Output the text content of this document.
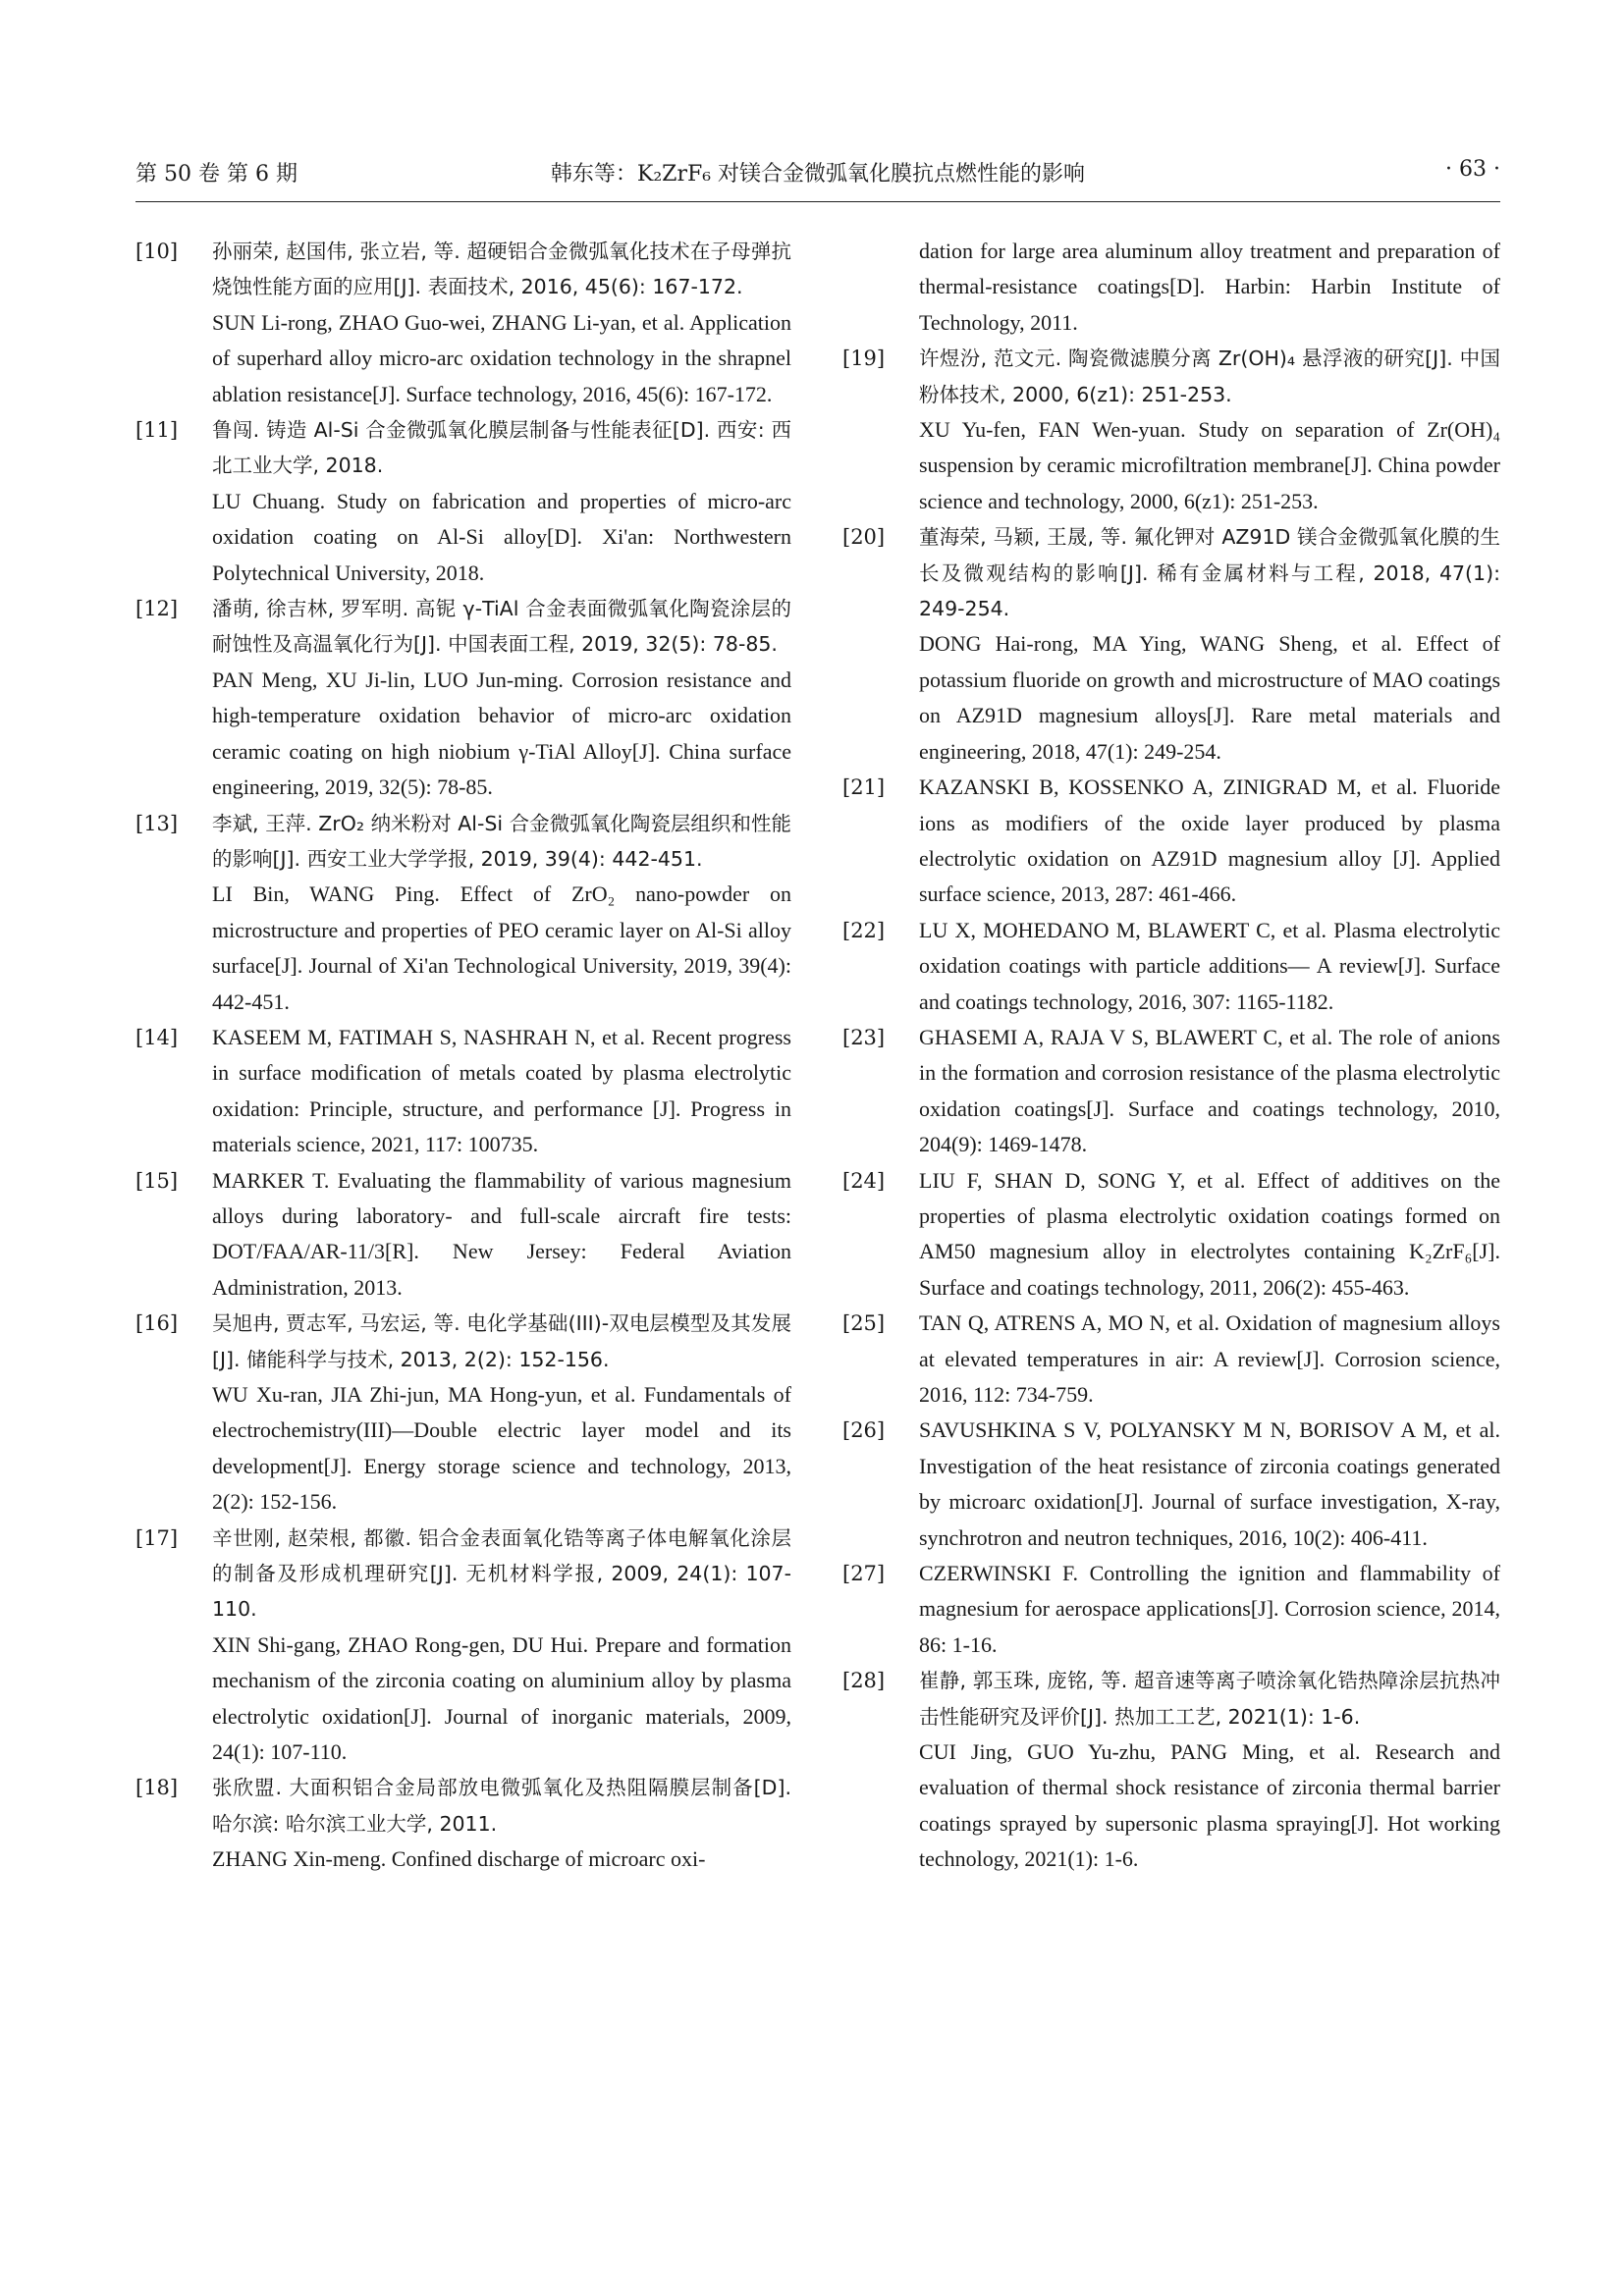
韩东等：K₂ZrF₆ 对镁合金微弧氧化膜抗点燃性能的影响
第 50 卷 第 6 期	· 63 ·
[10] 孙丽荣, 赵国伟, 张立岩, 等. 超硬铝合金微弧氧化技术在子母弹抗烧蚀性能方面的应用[J]. 表面技术, 2016, 45(6): 167-172.
SUN Li-rong, ZHAO Guo-wei, ZHANG Li-yan, et al. Application of superhard alloy micro-arc oxidation technology in the shrapnel ablation resistance[J]. Surface technology, 2016, 45(6): 167-172.
[11] 鲁闯. 铸造 Al-Si 合金微弧氧化膜层制备与性能表征[D]. 西安: 西北工业大学, 2018.
LU Chuang. Study on fabrication and properties of micro-arc oxidation coating on Al-Si alloy[D]. Xi'an: Northwestern Polytechnical University, 2018.
[12] 潘萌, 徐吉林, 罗军明. 高铌 γ-TiAl 合金表面微弧氧化陶瓷涂层的耐蚀性及高温氧化行为[J]. 中国表面工程, 2019, 32(5): 78-85.
PAN Meng, XU Ji-lin, LUO Jun-ming. Corrosion resistance and high-temperature oxidation behavior of micro-arc oxidation ceramic coating on high niobium γ-TiAl Alloy[J]. China surface engineering, 2019, 32(5): 78-85.
[13] 李斌, 王萍. ZrO₂ 纳米粉对 Al-Si 合金微弧氧化陶瓷层组织和性能的影响[J]. 西安工业大学学报, 2019, 39(4): 442-451.
LI Bin, WANG Ping. Effect of ZrO₂ nano-powder on microstructure and properties of PEO ceramic layer on Al-Si alloy surface[J]. Journal of Xi'an Technological University, 2019, 39(4): 442-451.
[14] KASEEM M, FATIMAH S, NASHRAH N, et al. Recent progress in surface modification of metals coated by plasma electrolytic oxidation: Principle, structure, and performance [J]. Progress in materials science, 2021, 117: 100735.
[15] MARKER T. Evaluating the flammability of various magnesium alloys during laboratory- and full-scale aircraft fire tests: DOT/FAA/AR-11/3[R]. New Jersey: Federal Aviation Administration, 2013.
[16] 吴旭冉, 贾志军, 马宏运, 等. 电化学基础(III)-双电层模型及其发展[J]. 储能科学与技术, 2013, 2(2): 152-156.
WU Xu-ran, JIA Zhi-jun, MA Hong-yun, et al. Fundamentals of electrochemistry(III)—Double electric layer model and its development[J]. Energy storage science and technology, 2013, 2(2): 152-156.
[17] 辛世刚, 赵荣根, 都徽. 铝合金表面氧化锆等离子体电解氧化涂层的制备及形成机理研究[J]. 无机材料学报, 2009, 24(1): 107-110.
XIN Shi-gang, ZHAO Rong-gen, DU Hui. Prepare and formation mechanism of the zirconia coating on aluminium alloy by plasma electrolytic oxidation[J]. Journal of inorganic materials, 2009, 24(1): 107-110.
[18] 张欣盟. 大面积铝合金局部放电微弧氧化及热阻隔膜层制备[D]. 哈尔滨: 哈尔滨工业大学, 2011.
ZHANG Xin-meng. Confined discharge of microarc oxi-
dation for large area aluminum alloy treatment and preparation of thermal-resistance coatings[D]. Harbin: Harbin Institute of Technology, 2011.
[19] 许煜汾, 范文元. 陶瓷微滤膜分离 Zr(OH)₄ 悬浮液的研究[J]. 中国粉体技术, 2000, 6(z1): 251-253.
XU Yu-fen, FAN Wen-yuan. Study on separation of Zr(OH)₄ suspension by ceramic microfiltration membrane[J]. China powder science and technology, 2000, 6(z1): 251-253.
[20] 董海荣, 马颖, 王晟, 等. 氟化钾对 AZ91D 镁合金微弧氧化膜的生长及微观结构的影响[J]. 稀有金属材料与工程, 2018, 47(1): 249-254.
DONG Hai-rong, MA Ying, WANG Sheng, et al. Effect of potassium fluoride on growth and microstructure of MAO coatings on AZ91D magnesium alloys[J]. Rare metal materials and engineering, 2018, 47(1): 249-254.
[21] KAZANSKI B, KOSSENKO A, ZINIGRAD M, et al. Fluoride ions as modifiers of the oxide layer produced by plasma electrolytic oxidation on AZ91D magnesium alloy [J]. Applied surface science, 2013, 287: 461-466.
[22] LU X, MOHEDANO M, BLAWERT C, et al. Plasma electrolytic oxidation coatings with particle additions— A review[J]. Surface and coatings technology, 2016, 307: 1165-1182.
[23] GHASEMI A, RAJA V S, BLAWERT C, et al. The role of anions in the formation and corrosion resistance of the plasma electrolytic oxidation coatings[J]. Surface and coatings technology, 2010, 204(9): 1469-1478.
[24] LIU F, SHAN D, SONG Y, et al. Effect of additives on the properties of plasma electrolytic oxidation coatings formed on AM50 magnesium alloy in electrolytes containing K₂ZrF₆[J]. Surface and coatings technology, 2011, 206(2): 455-463.
[25] TAN Q, ATRENS A, MO N, et al. Oxidation of magnesium alloys at elevated temperatures in air: A review[J]. Corrosion science, 2016, 112: 734-759.
[26] SAVUSHKINA S V, POLYANSKY M N, BORISOV A M, et al. Investigation of the heat resistance of zirconia coatings generated by microarc oxidation[J]. Journal of surface investigation, X-ray, synchrotron and neutron techniques, 2016, 10(2): 406-411.
[27] CZERWINSKI F. Controlling the ignition and flammability of magnesium for aerospace applications[J]. Corrosion science, 2014, 86: 1-16.
[28] 崔静, 郭玉珠, 庞铭, 等. 超音速等离子喷涂氧化锆热障涂层抗热冲击性能研究及评价[J]. 热加工工艺, 2021(1): 1-6.
CUI Jing, GUO Yu-zhu, PANG Ming, et al. Research and evaluation of thermal shock resistance of zirconia thermal barrier coatings sprayed by supersonic plasma spraying[J]. Hot working technology, 2021(1): 1-6.
